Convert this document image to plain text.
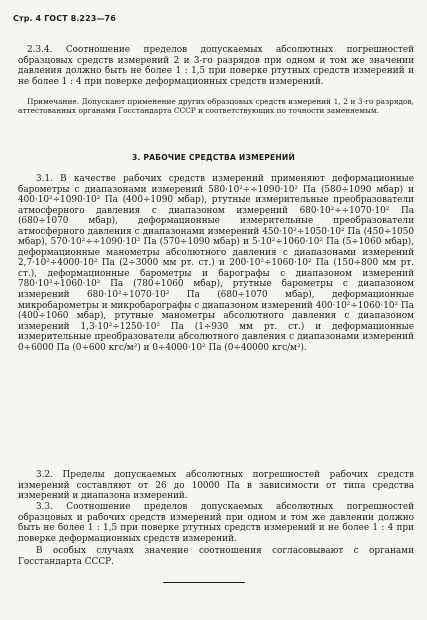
Стр. 4 ГОСТ 8.223—76

2.3.4. Соотношение пределов допускаемых абсолютных погрешностей образцовых средств измерений 2 и 3-го разрядов при одном и том же значении давления должно быть не более 1 : 1,5 при поверке ртутных средств измерений и не более 1 : 4 при поверке деформационных средств измерений.

Примечание. Допускают применение других образцовых средств измерений 1, 2 и 3-го разрядов, аттестованных органами Госстандарта СССР и соответствующих по точности заменяемым.

3. РАБОЧИЕ СРЕДСТВА ИЗМЕРЕНИЙ

3.1. В качестве рабочих средств измерений применяют деформационные барометры с диапазонами измерений 580·10²÷÷1090·10² Па (580÷1090 мбар) и 400·10²÷1090·10² Па (400÷1090 мбар), ртутные измерительные преобразователи атмосферного давления с диапазоном измерений 680·10²÷÷1070·10² Па (680÷1070 мбар), деформационные измерительные преобразователи атмосферного давления с диапазонами измерений 450·10²÷1050·10² Па (450÷1050 мбар), 570·10²÷÷1090·10² Па (570÷1090 мбар) и 5·10²÷1060·10² Па (5÷1060 мбар), деформационные манометры абсолютного давления с диапазонами измерений 2,7·10²÷4000·10² Па (2÷3000 мм рт. ст.) и 200·10²÷1060·10² Па (150÷800 мм рт. ст.), деформационные барометры и барографы с диапазоном измерений 780·10²÷1060·10² Па (780÷1060 мбар), ртутные барометры с диапазоном измерений 680·10²÷1070·10² Па (680÷1070 мбар), деформационные микробарометры и микробарографы с диапазоном измерений 400·10²÷1060·10² Па (400÷1060 мбар), ртутные манометры абсолютного давления с диапазоном измерений 1,3·10²÷1250·10² Па (1÷930 мм рт. ст.) и деформационные измерительные преобразователи абсолютного давления с диапазонами измерений 0÷6000 Па (0÷600 кгс/м²) и 0÷4000·10² Па (0÷40000 кгс/м²).

3.2. Пределы допускаемых абсолютных погрешностей рабочих средств измерений составляют от 26 до 10000 Па в зависимости от типа средства измерений и диапазона измерений.

3.3. Соотношение пределов допускаемых абсолютных погрешностей образцовых и рабочих средств измерений при одном и том же давлении должно быть не более 1 : 1,5 при поверке ртутных средств измерений и не более 1 : 4 при поверке деформационных средств измерений.

В особых случаях значение соотношения согласовывают с органами Госстандарта СССР.
